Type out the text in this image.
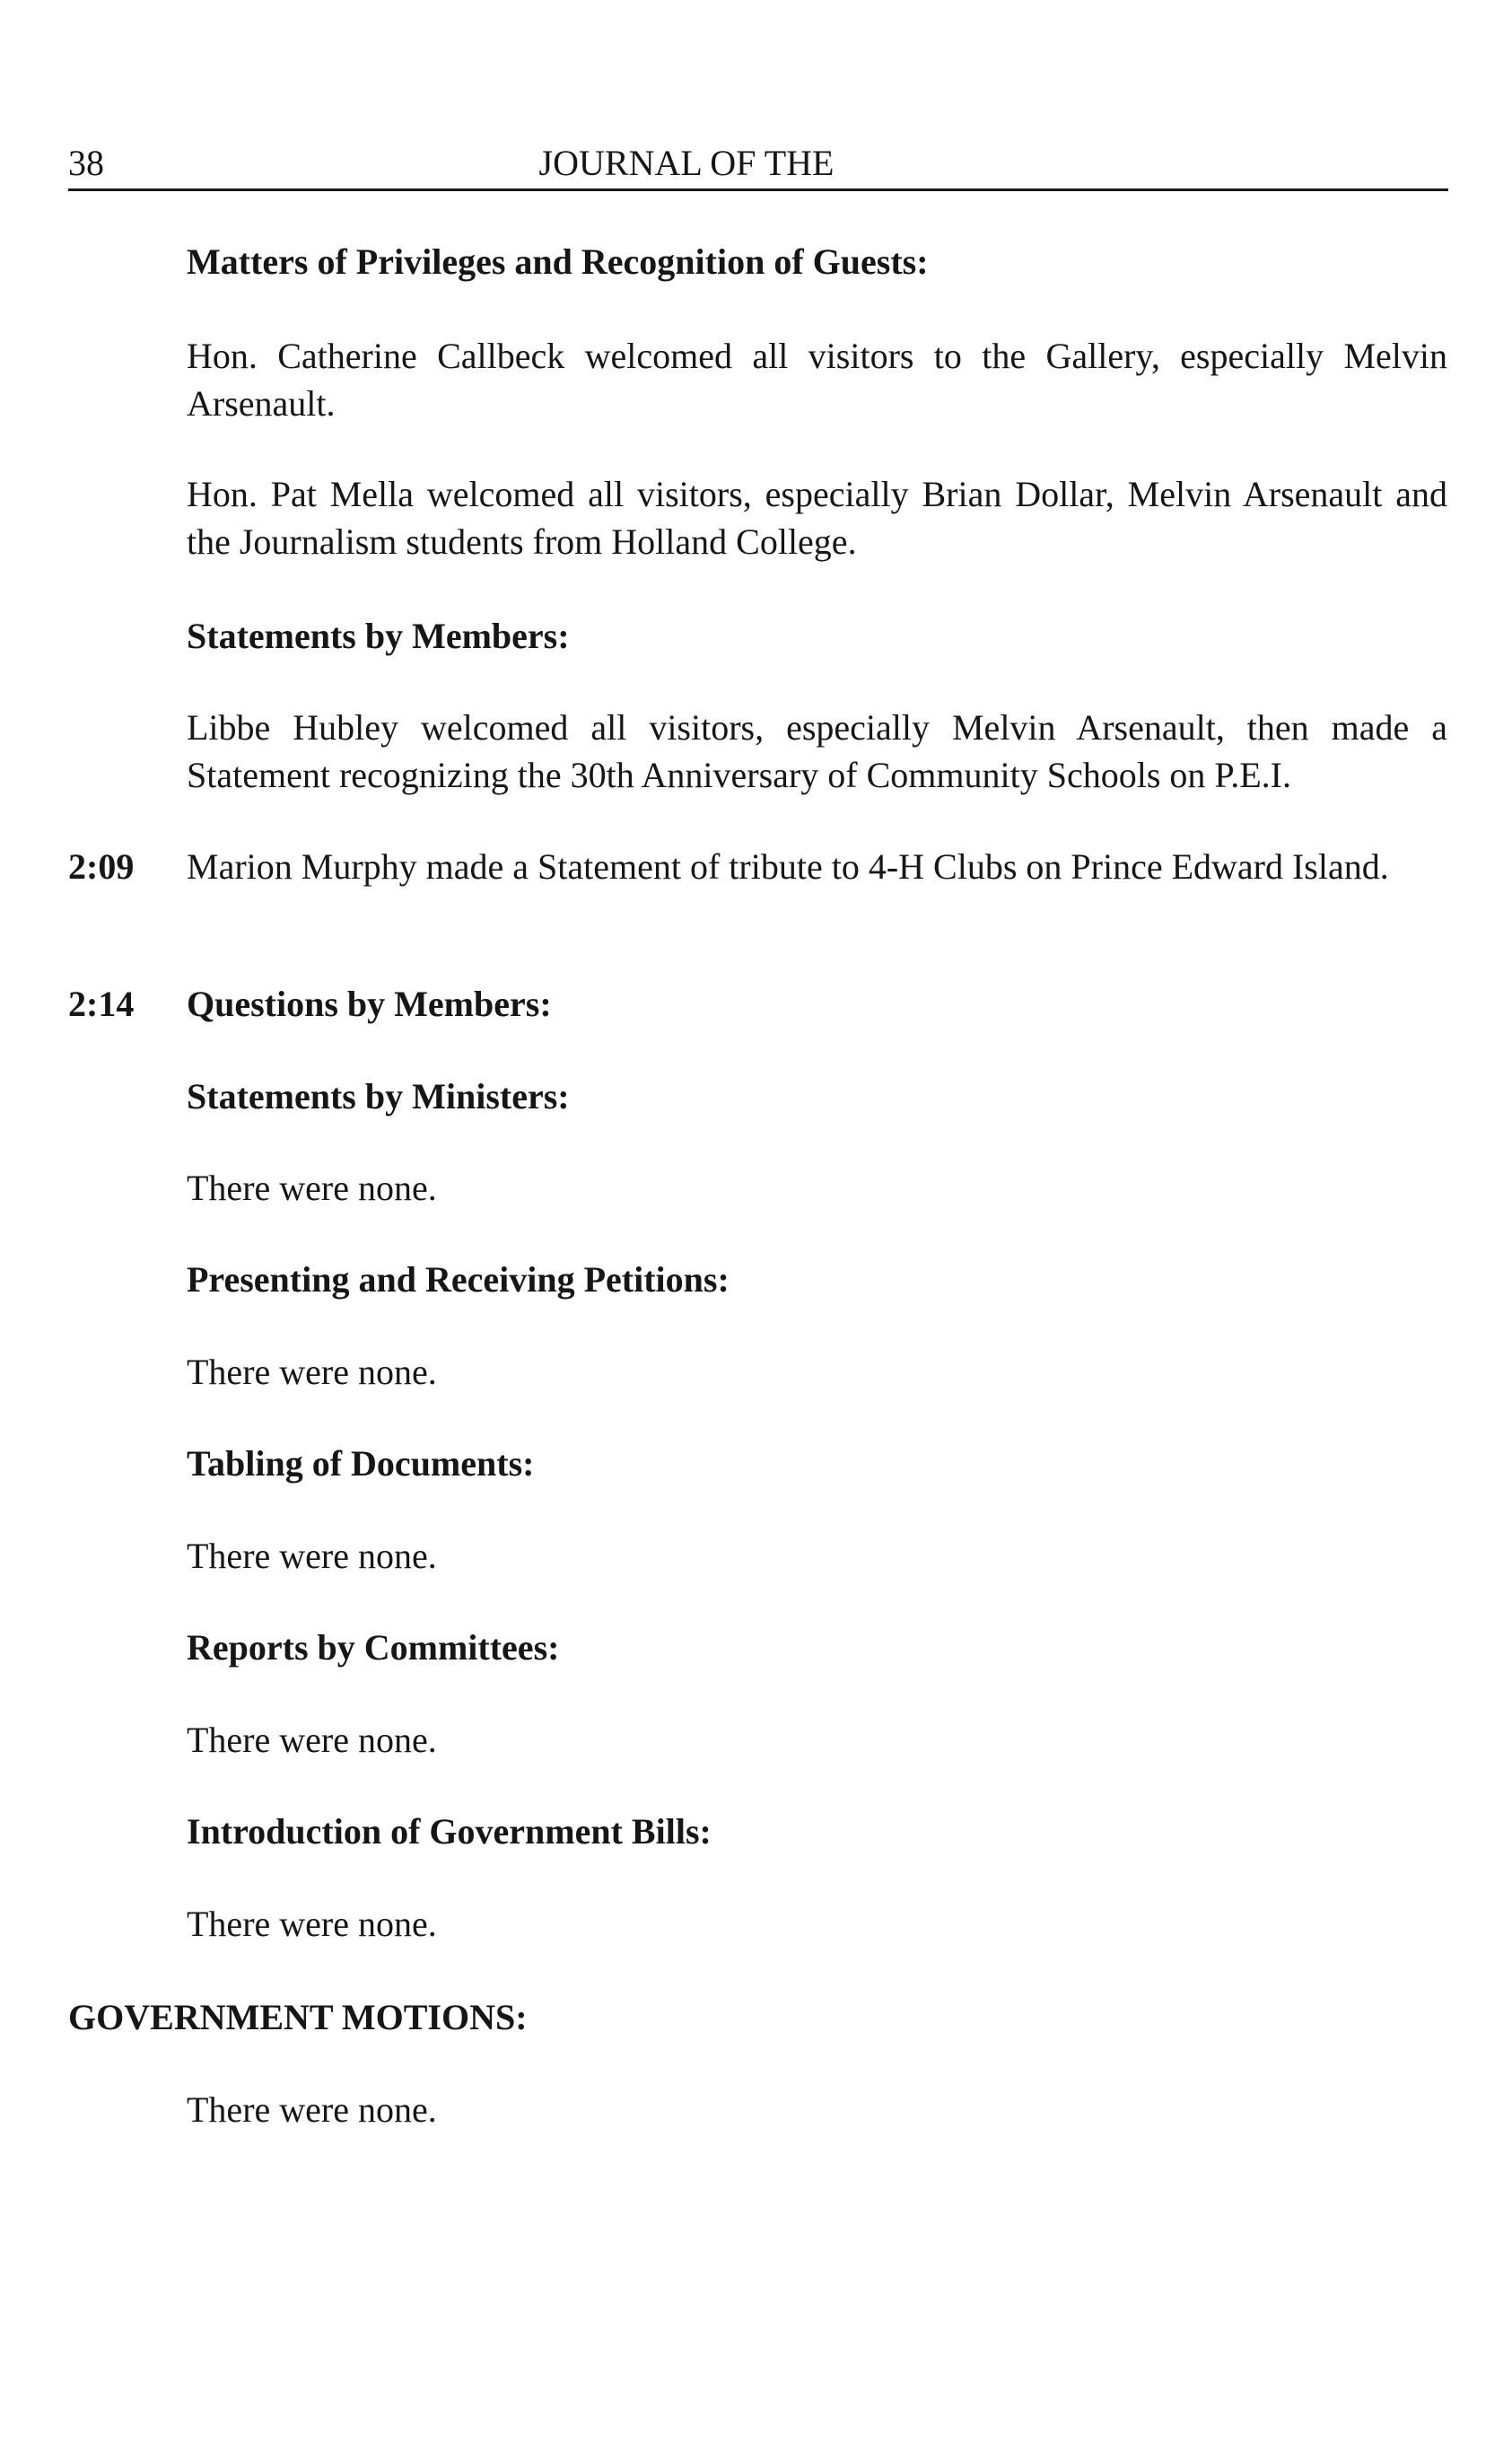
38	JOURNAL OF THE
Matters of Privileges and Recognition of Guests:
Hon. Catherine Callbeck welcomed all visitors to the Gallery, especially Melvin Arsenault.
Hon. Pat Mella welcomed all visitors, especially Brian Dollar, Melvin Arsenault and the Journalism students from Holland College.
Statements by Members:
Libbe Hubley welcomed all visitors, especially Melvin Arsenault, then made a Statement recognizing the 30th Anniversary of Community Schools on P.E.I.
2:09 Marion Murphy made a Statement of tribute to 4-H Clubs on Prince Edward Island.
2:14 Questions by Members:
Statements by Ministers:
There were none.
Presenting and Receiving Petitions:
There were none.
Tabling of Documents:
There were none.
Reports by Committees:
There were none.
Introduction of Government Bills:
There were none.
GOVERNMENT MOTIONS:
There were none.
